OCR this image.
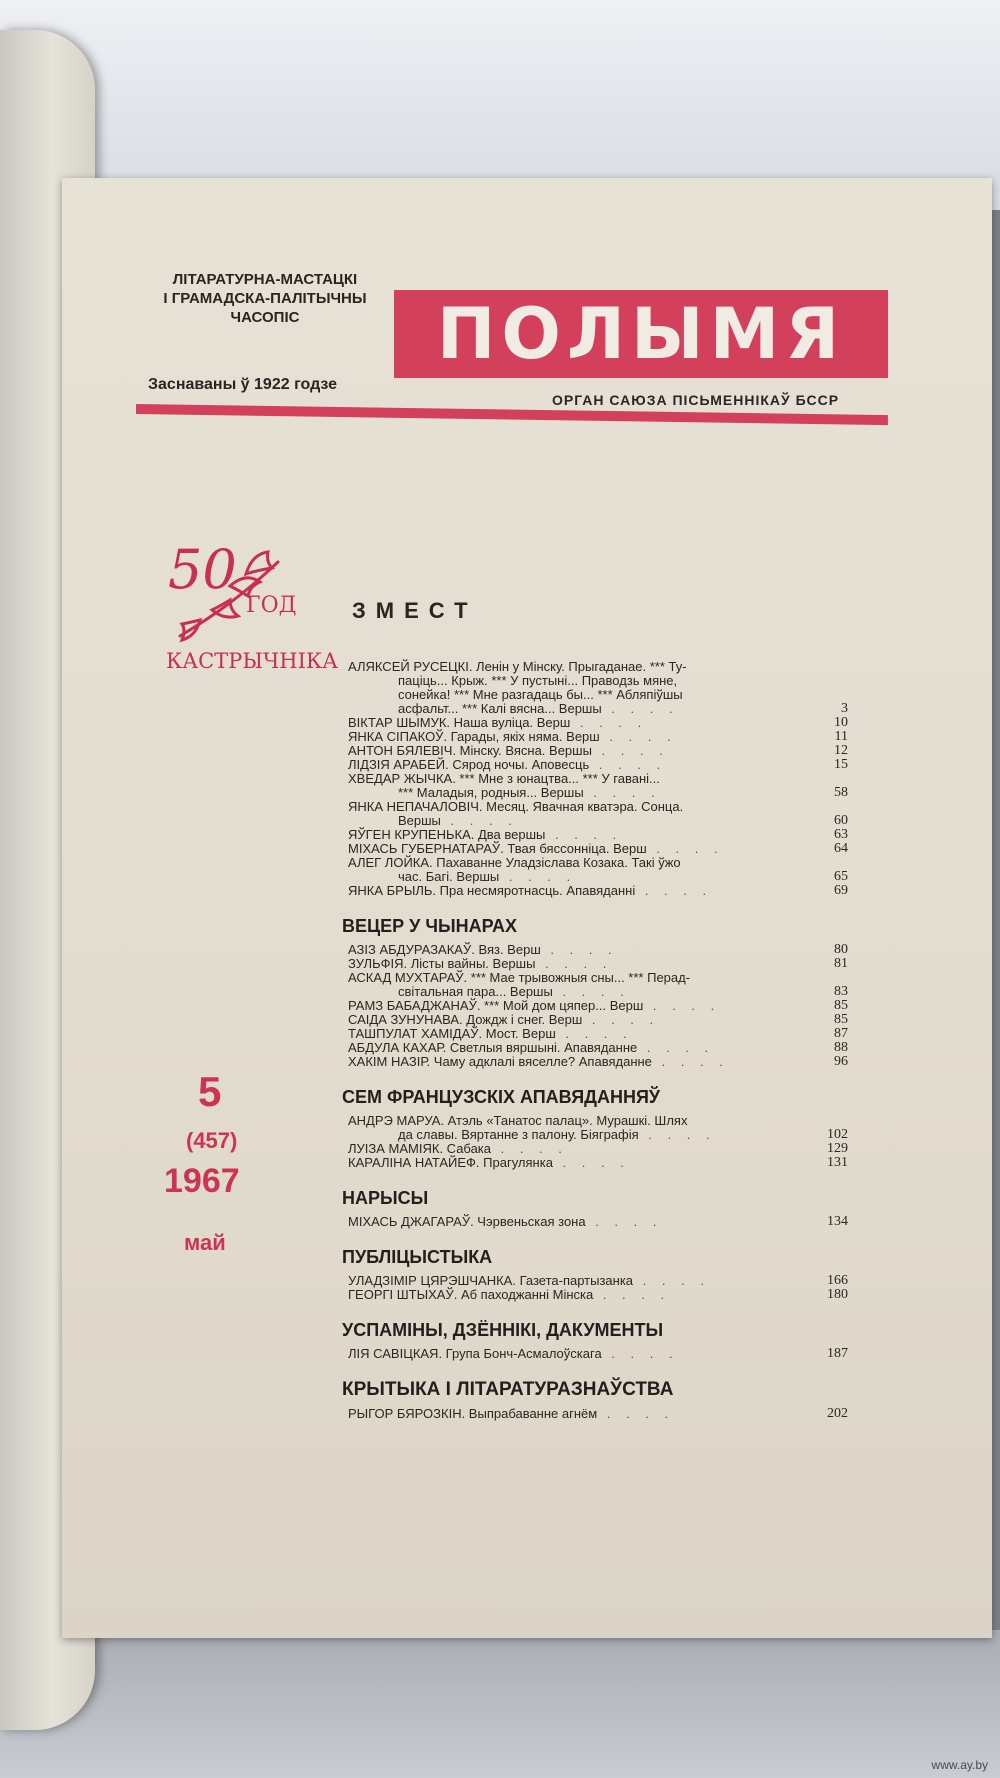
ЛІТАРАТУРНА-МАСТАЦКІ
І ГРАМАДСКА-ПАЛІТЫЧНЫ
ЧАСОПІС
Заснаваны ў 1922 годзе
ПОЛЫМЯ
ОРГАН САЮЗА ПІСЬМЕННІКАЎ БССР
50
ГОД
КАСТРЫЧНІКА
ЗМЕСТ
5
(457)
1967
май
АЛЯКСЕЙ РУСЕЦКІ. Ленін у Мінску. Прыгаданае. *** Ту-
паціць... Крыж. *** У пустыні... Праводзь мяне,
сонейка! *** Мне разгадаць бы... *** Абляпіўшы
асфальт... *** Калі вясна... Вершы . . . .	3
ВІКТАР ШЫМУК. Наша вуліца. Верш . . . .	10
ЯНКА СІПАКОЎ. Гарады, якіх няма. Верш . . . .	11
АНТОН БЯЛЕВІЧ. Мінску. Вясна. Вершы . . . .	12
ЛІДЗІЯ АРАБЕЙ. Сярод ночы. Аповесць . . . .	15
ХВЕДАР ЖЫЧКА. *** Мне з юнацтва... *** У гавані...
*** Маладыя, родныя... Вершы . . . .	58
ЯНКА НЕПАЧАЛОВІЧ. Месяц. Явачная кватэра. Сонца.
Вершы . . . .	60
ЯЎГЕН КРУПЕНЬКА. Два вершы . . . .	63
МІХАСЬ ГУБЕРНАТАРАЎ. Твая бяссонніца. Верш . . . .	64
АЛЕГ ЛОЙКА. Пахаванне Уладзіслава Козака. Такі ўжо
час. Багі. Вершы . . . .	65
ЯНКА БРЫЛЬ. Пра несмяротнасць. Апавяданні . . . .	69
ВЕЦЕР У ЧЫНАРАХ
АЗІЗ АБДУРАЗАКАЎ. Вяз. Верш . . . .	80
ЗУЛЬФІЯ. Лісты вайны. Вершы . . . .	81
АСКАД МУХТАРАЎ. *** Мае трывожныя сны... *** Перад-
світальная пара... Вершы . . . .	83
РАМЗ БАБАДЖАНАЎ. *** Мой дом цяпер... Верш . . . .	85
САІДА ЗУНУНАВА. Дождж і снег. Верш . . . .	85
ТАШПУЛАТ ХАМІДАЎ. Мост. Верш . . . .	87
АБДУЛА КАХАР. Светлыя вяршыні. Апавяданне . . . .	88
ХАКІМ НАЗІР. Чаму адклалі вяселле? Апавяданне . . . .	96
СЕМ ФРАНЦУЗСКІХ АПАВЯДАННЯЎ
АНДРЭ МАРУА. Атэль «Танатос палац». Мурашкі. Шлях
да славы. Вяртанне з палону. Біяграфія . . . .	102
ЛУІЗА МАМІЯК. Сабака . . . .	129
КАРАЛІНА НАТАЙЕФ. Прагулянка . . . .	131
НАРЫСЫ
МІХАСЬ ДЖАГАРАЎ. Чэрвеньская зона . . . .	134
ПУБЛІЦЫСТЫКА
УЛАДЗІМІР ЦЯРЭШЧАНКА. Газета-партызанка . . . .	166
ГЕОРГІ ШТЫХАЎ. Аб паходжанні Мінска . . . .	180
УСПАМІНЫ, ДЗЁННІКІ, ДАКУМЕНТЫ
ЛІЯ САВІЦКАЯ. Група Бонч-Асмалоўскага . . . .	187
КРЫТЫКА І ЛІТАРАТУРАЗНАЎСТВА
РЫГОР БЯРОЗКІН. Выпрабаванне агнём . . . .	202
www.ay.by
